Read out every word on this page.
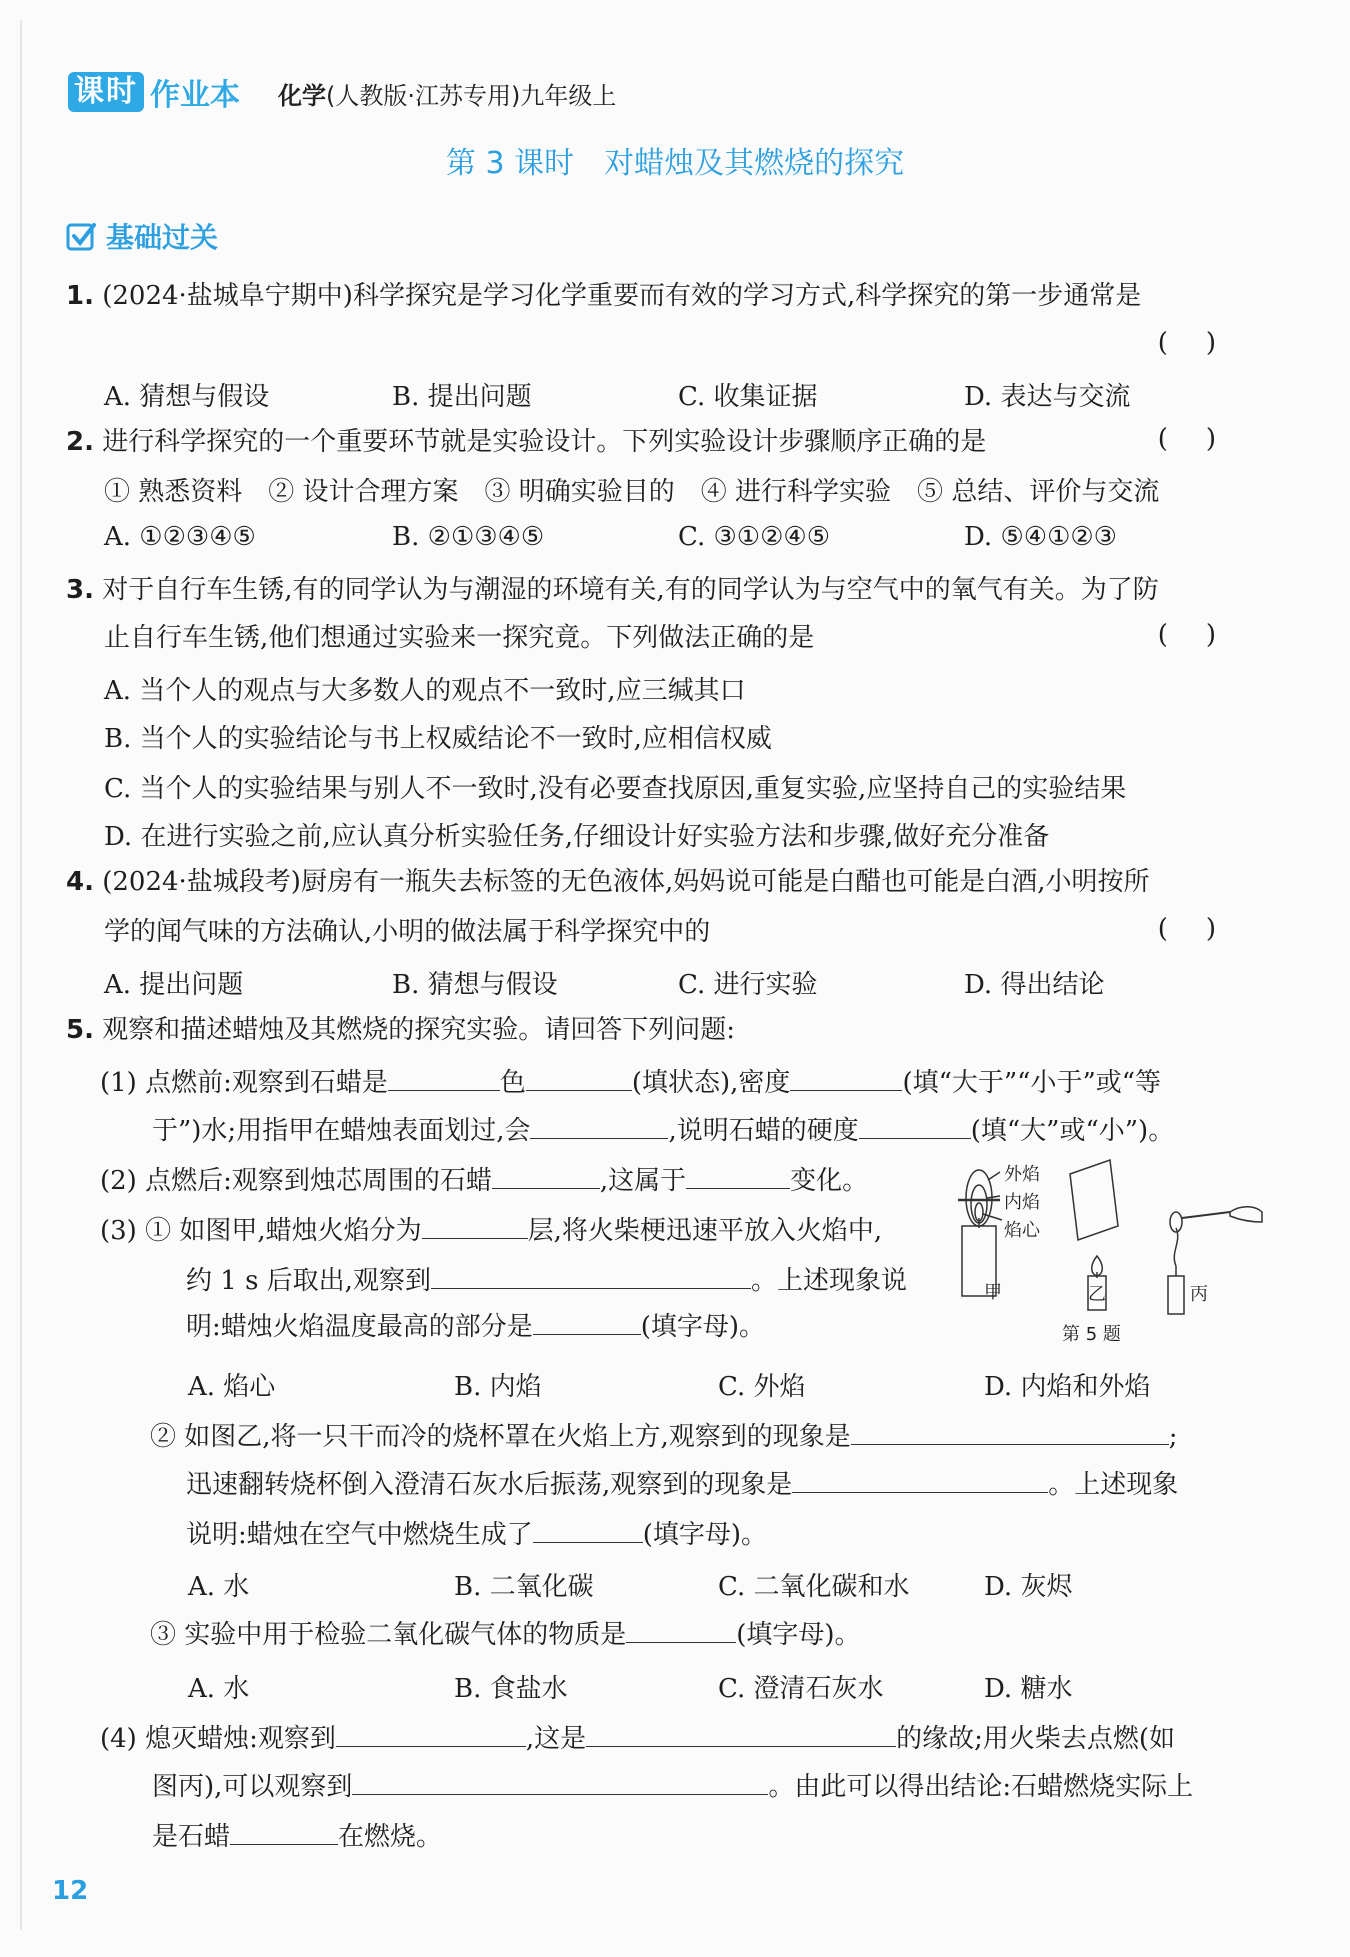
课时 作业本 化学(人教版·江苏专用)九年级上
第 3 课时　对蜡烛及其燃烧的探究
基础过关
1. (2024·盐城阜宁期中)科学探究是学习化学重要而有效的学习方式,科学探究的第一步通常是
()
A. 猜想与假设	B. 提出问题	C. 收集证据	D. 表达与交流
2. 进行科学探究的一个重要环节就是实验设计。下列实验设计步骤顺序正确的是	()
① 熟悉资料　② 设计合理方案　③ 明确实验目的　④ 进行科学实验　⑤ 总结、评价与交流
A. ①②③④⑤	B. ②①③④⑤	C. ③①②④⑤	D. ⑤④①②③
3. 对于自行车生锈,有的同学认为与潮湿的环境有关,有的同学认为与空气中的氧气有关。为了防
止自行车生锈,他们想通过实验来一探究竟。下列做法正确的是	()
A. 当个人的观点与大多数人的观点不一致时,应三缄其口
B. 当个人的实验结论与书上权威结论不一致时,应相信权威
C. 当个人的实验结果与别人不一致时,没有必要查找原因,重复实验,应坚持自己的实验结果
D. 在进行实验之前,应认真分析实验任务,仔细设计好实验方法和步骤,做好充分准备
4. (2024·盐城段考)厨房有一瓶失去标签的无色液体,妈妈说可能是白醋也可能是白酒,小明按所
学的闻气味的方法确认,小明的做法属于科学探究中的	()
A. 提出问题	B. 猜想与假设	C. 进行实验	D. 得出结论
5. 观察和描述蜡烛及其燃烧的探究实验。请回答下列问题:
(1) 点燃前:观察到石蜡是	色	(填状态),密度	(填“大于”“小于”或“等
于”)水;用指甲在蜡烛表面划过,会	,说明石蜡的硬度	(填“大”或“小”)。
(2) 点燃后:观察到烛芯周围的石蜡	,这属于	变化。
(3) ① 如图甲,蜡烛火焰分为	层,将火柴梗迅速平放入火焰中,
约 1 s 后取出,观察到	。上述现象说
明:蜡烛火焰温度最高的部分是	(填字母)。
A. 焰心	B. 内焰	C. 外焰	D. 内焰和外焰
② 如图乙,将一只干而冷的烧杯罩在火焰上方,观察到的现象是	;
迅速翻转烧杯倒入澄清石灰水后振荡,观察到的现象是	。上述现象
说明:蜡烛在空气中燃烧生成了	(填字母)。
A. 水	B. 二氧化碳	C. 二氧化碳和水	D. 灰烬
③ 实验中用于检验二氧化碳气体的物质是	(填字母)。
A. 水	B. 食盐水	C. 澄清石灰水	D. 糖水
(4) 熄灭蜡烛:观察到	,这是	的缘故;用火柴去点燃(如
图丙),可以观察到	。由此可以得出结论:石蜡燃烧实际上
是石蜡	在燃烧。
外焰
内焰
焰心
甲	乙	丙
第 5 题
12
